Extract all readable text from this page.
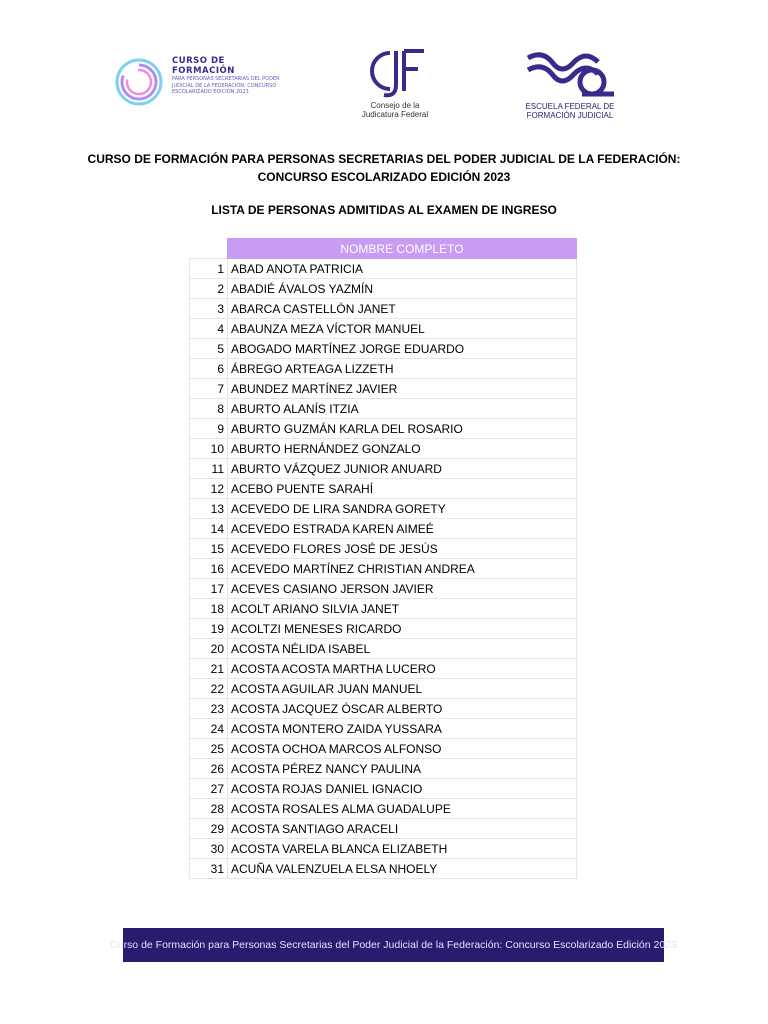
CURSO DE
FORMACIÓN
PARA PERSONAS SECRETARIAS DEL PODER
JUDICIAL DE LA FEDERACIÓN: CONCURSO
ESCOLARIZADO EDICIÓN 2023
Consejo de la
Judicatura Federal
ESCUELA FEDERAL DE
FORMACIÓN JUDICIAL
CURSO DE FORMACIÓN PARA PERSONAS SECRETARIAS DEL PODER JUDICIAL DE LA FEDERACIÓN:
CONCURSO ESCOLARIZADO EDICIÓN 2023
LISTA DE PERSONAS ADMITIDAS AL EXAMEN DE INGRESO
	NOMBRE COMPLETO
1	ABAD ANOTA PATRICIA
2	ABADIÉ ÁVALOS YAZMÍN
3	ABARCA CASTELLÓN JANET
4	ABAUNZA MEZA VÍCTOR MANUEL
5	ABOGADO MARTÍNEZ JORGE EDUARDO
6	ÁBREGO ARTEAGA LIZZETH
7	ABUNDEZ MARTÍNEZ JAVIER
8	ABURTO ALANÍS ITZIA
9	ABURTO GUZMÁN KARLA DEL ROSARIO
10	ABURTO HERNÁNDEZ GONZALO
11	ABURTO VÁZQUEZ JUNIOR ANUARD
12	ACEBO PUENTE SARAHÍ
13	ACEVEDO DE LIRA SANDRA GORETY
14	ACEVEDO ESTRADA KAREN AIMEÉ
15	ACEVEDO FLORES JOSÉ DE JESÚS
16	ACEVEDO MARTÍNEZ CHRISTIAN ANDREA
17	ACEVES CASIANO JERSON JAVIER
18	ACOLT ARIANO SILVIA JANET
19	ACOLTZI MENESES RICARDO
20	ACOSTA NÉLIDA ISABEL
21	ACOSTA ACOSTA MARTHA LUCERO
22	ACOSTA AGUILAR JUAN MANUEL
23	ACOSTA JACQUEZ ÓSCAR ALBERTO
24	ACOSTA MONTERO ZAIDA YUSSARA
25	ACOSTA OCHOA MARCOS ALFONSO
26	ACOSTA PÉREZ NANCY PAULINA
27	ACOSTA ROJAS DANIEL IGNACIO
28	ACOSTA ROSALES ALMA GUADALUPE
29	ACOSTA SANTIAGO ARACELI
30	ACOSTA VARELA BLANCA ELIZABETH
31	ACUÑA VALENZUELA ELSA NHOELY
Curso de Formación para Personas Secretarias del Poder Judicial de la Federación: Concurso Escolarizado Edición 2023
